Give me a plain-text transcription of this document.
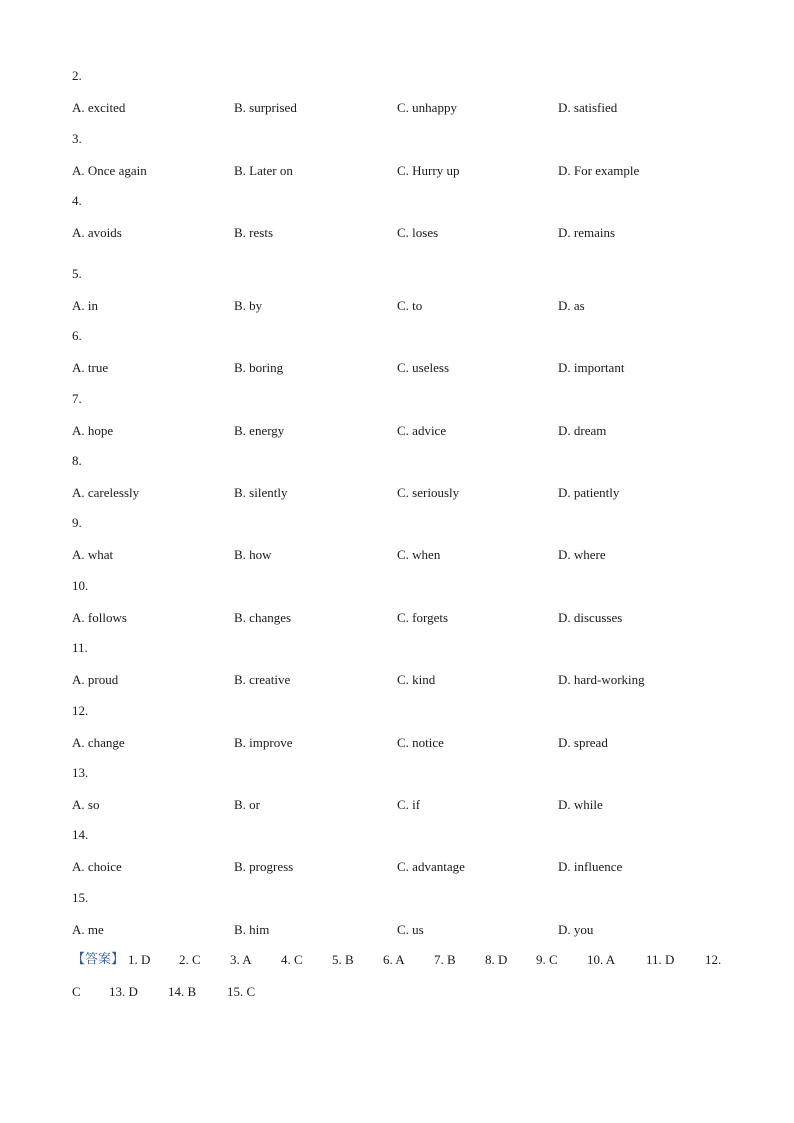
2.
A. excited	B. surprised	C. unhappy	D. satisfied
3.
A. Once again	B. Later on	C. Hurry up	D. For example
4.
A. avoids	B. rests	C. loses	D. remains
5.
A. in	B. by	C. to	D. as
6.
A. true	B. boring	C. useless	D. important
7.
A. hope	B. energy	C. advice	D. dream
8.
A. carelessly	B. silently	C. seriously	D. patiently
9.
A. what	B. how	C. when	D. where
10.
A. follows	B. changes	C. forgets	D. discusses
11.
A. proud	B. creative	C. kind	D. hard-working
12.
A. change	B. improve	C. notice	D. spread
13.
A. so	B. or	C. if	D. while
14.
A. choice	B. progress	C. advantage	D. influence
15.
A. me	B. him	C. us	D. you
【答案】 1. D 2. C 3. A 4. C 5. B 6. A 7. B 8. D 9. C 10. A 11. D 12.
C 13. D 14. B 15. C
